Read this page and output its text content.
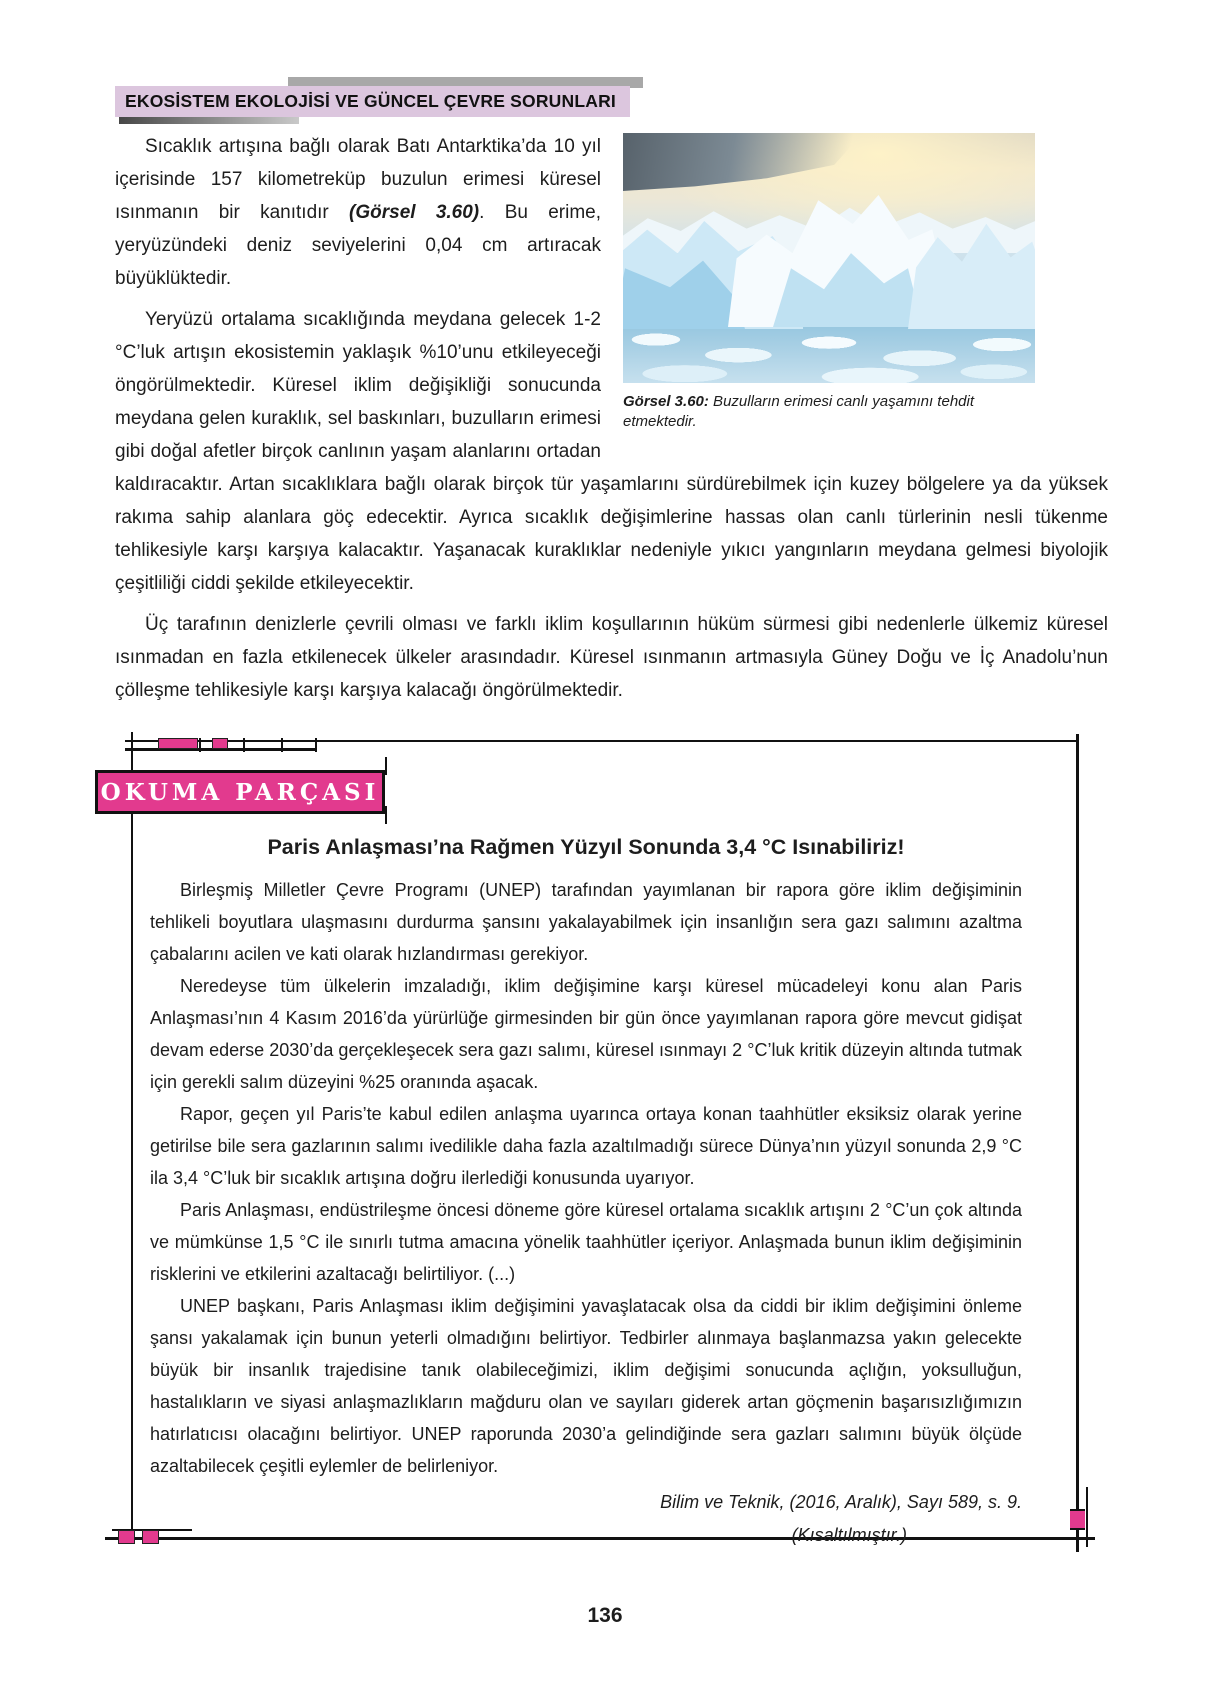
EKOSİSTEM EKOLOJİSİ VE GÜNCEL ÇEVRE SORUNLARI
Görsel 3.60: Buzulların erimesi canlı yaşamını tehdit etmektedir.

Sıcaklık artışına bağlı olarak Batı Antarktika’da 10 yıl içerisinde 157 kilometreküp buzulun erimesi küresel ısınmanın bir kanıtıdır (Görsel 3.60). Bu erime, yeryüzündeki deniz seviyelerini 0,04 cm artıracak büyüklüktedir.

Yeryüzü ortalama sıcaklığında meydana gelecek 1-2 °C’luk artışın ekosistemin yaklaşık %10’unu etkileyeceği öngörülmektedir. Küresel iklim değişikliği sonucunda meydana gelen kuraklık, sel baskınları, buzulların erimesi gibi doğal afetler birçok canlının yaşam alanlarını ortadan kaldıracaktır. Artan sıcaklıklara bağlı olarak birçok tür yaşamlarını sürdürebilmek için kuzey bölgelere ya da yüksek rakıma sahip alanlara göç edecektir. Ayrıca sıcaklık değişimlerine hassas olan canlı türlerinin nesli tükenme tehlikesiyle karşı karşıya kalacaktır. Yaşanacak kuraklıklar nedeniyle yıkıcı yangınların meydana gelmesi biyolojik çeşitliliği ciddi şekilde etkileyecektir.

Üç tarafının denizlerle çevrili olması ve farklı iklim koşullarının hüküm sürmesi gibi nedenlerle ülkemiz küresel ısınmadan en fazla etkilenecek ülkeler arasındadır. Küresel ısınmanın artmasıyla Güney Doğu ve İç Anadolu’nun çölleşme tehlikesiyle karşı karşıya kalacağı öngörülmektedir.

OKUMA PARÇASI
Paris Anlaşması’na Rağmen Yüzyıl Sonunda 3,4 °C Isınabiliriz!

Birleşmiş Milletler Çevre Programı (UNEP) tarafından yayımlanan bir rapora göre iklim değişiminin tehlikeli boyutlara ulaşmasını durdurma şansını yakalayabilmek için insanlığın sera gazı salımını azaltma çabalarını acilen ve kati olarak hızlandırması gerekiyor.

Neredeyse tüm ülkelerin imzaladığı, iklim değişimine karşı küresel mücadeleyi konu alan Paris Anlaşması’nın 4 Kasım 2016’da yürürlüğe girmesinden bir gün önce yayımlanan rapora göre mevcut gidişat devam ederse 2030’da gerçekleşecek sera gazı salımı, küresel ısınmayı 2 °C’luk kritik düzeyin altında tutmak için gerekli salım düzeyini %25 oranında aşacak.

Rapor, geçen yıl Paris’te kabul edilen anlaşma uyarınca ortaya konan taahhütler eksiksiz olarak yerine getirilse bile sera gazlarının salımı ivedilikle daha fazla azaltılmadığı sürece Dünya’nın yüzyıl sonunda 2,9 °C ila 3,4 °C’luk bir sıcaklık artışına doğru ilerlediği konusunda uyarıyor.

Paris Anlaşması, endüstrileşme öncesi döneme göre küresel ortalama sıcaklık artışını 2 °C’un çok altında ve mümkünse 1,5 °C ile sınırlı tutma amacına yönelik taahhütler içeriyor. Anlaşmada bunun iklim değişiminin risklerini ve etkilerini azaltacağı belirtiliyor. (...)

UNEP başkanı, Paris Anlaşması iklim değişimini yavaşlatacak olsa da ciddi bir iklim değişimini önleme şansı yakalamak için bunun yeterli olmadığını belirtiyor. Tedbirler alınmaya başlanmazsa yakın gelecekte büyük bir insanlık trajedisine tanık olabileceğimizi, iklim değişimi sonucunda açlığın, yoksulluğun, hastalıkların ve siyasi anlaşmazlıkların mağduru olan ve sayıları giderek artan göçmenin başarısızlığımızın hatırlatıcısı olacağını belirtiyor. UNEP raporunda 2030’a gelindiğinde sera gazları salımını büyük ölçüde azaltabilecek çeşitli eylemler de belirleniyor.

Bilim ve Teknik, (2016, Aralık), Sayı 589, s. 9.
(Kısaltılmıştır.)
136
